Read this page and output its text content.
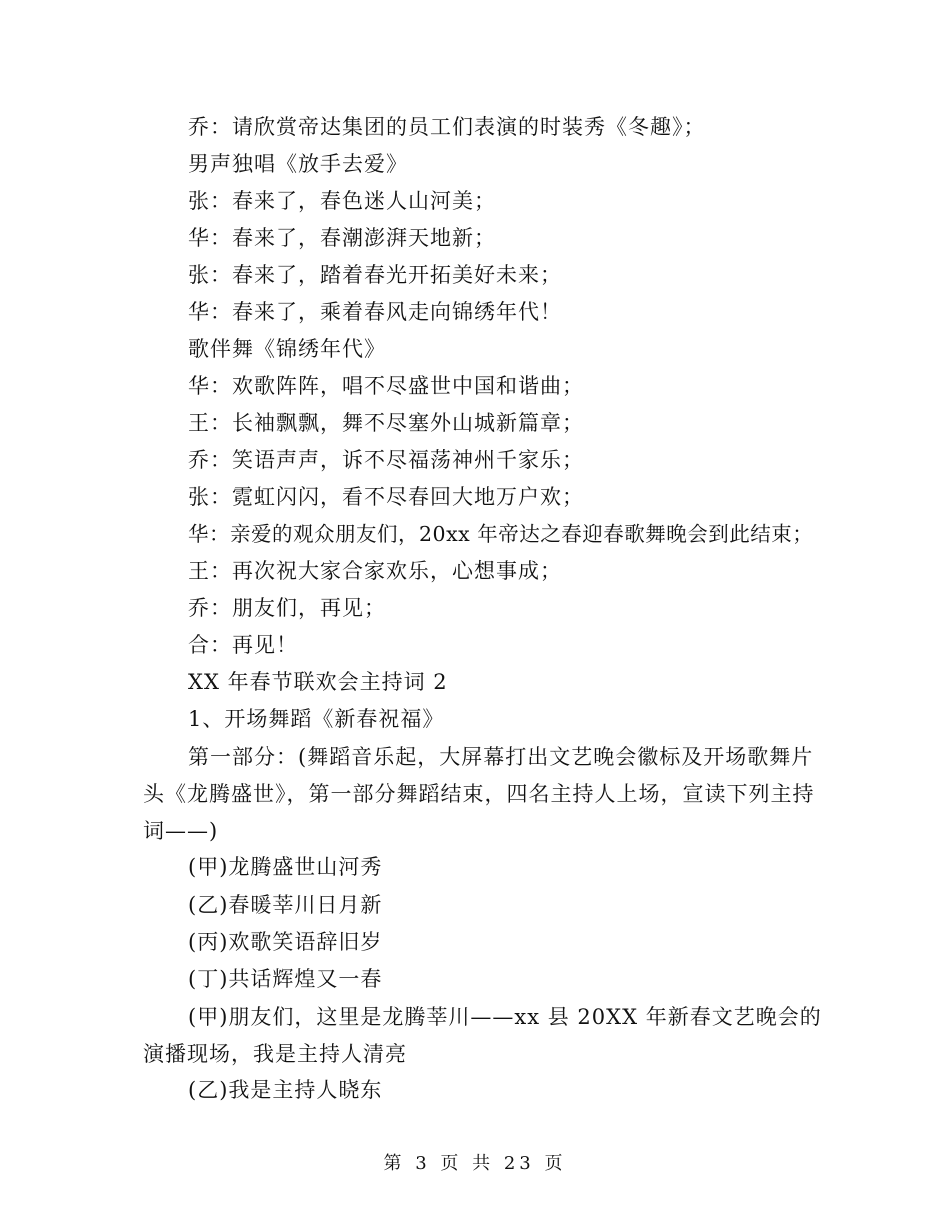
乔：请欣赏帝达集团的员工们表演的时装秀《冬趣》；
男声独唱《放手去爱》
张：春来了，春色迷人山河美；
华：春来了，春潮澎湃天地新；
张：春来了，踏着春光开拓美好未来；
华：春来了，乘着春风走向锦绣年代！
歌伴舞《锦绣年代》
华：欢歌阵阵，唱不尽盛世中国和谐曲；
王：长袖飘飘，舞不尽塞外山城新篇章；
乔：笑语声声，诉不尽福荡神州千家乐；
张：霓虹闪闪，看不尽春回大地万户欢；
华：亲爱的观众朋友们，20xx 年帝达之春迎春歌舞晚会到此结束；
王：再次祝大家合家欢乐，心想事成；
乔：朋友们，再见；
合：再见！
XX 年春节联欢会主持词 2
1、开场舞蹈《新春祝福》
第一部分：(舞蹈音乐起，大屏幕打出文艺晚会徽标及开场歌舞片头《龙腾盛世》，第一部分舞蹈结束，四名主持人上场，宣读下列主持词——)
(甲)龙腾盛世山河秀
(乙)春暖莘川日月新
(丙)欢歌笑语辞旧岁
(丁)共话辉煌又一春
(甲)朋友们，这里是龙腾莘川——xx 县 20XX 年新春文艺晚会的演播现场，我是主持人清亮
(乙)我是主持人晓东
第 3 页 共 23 页
